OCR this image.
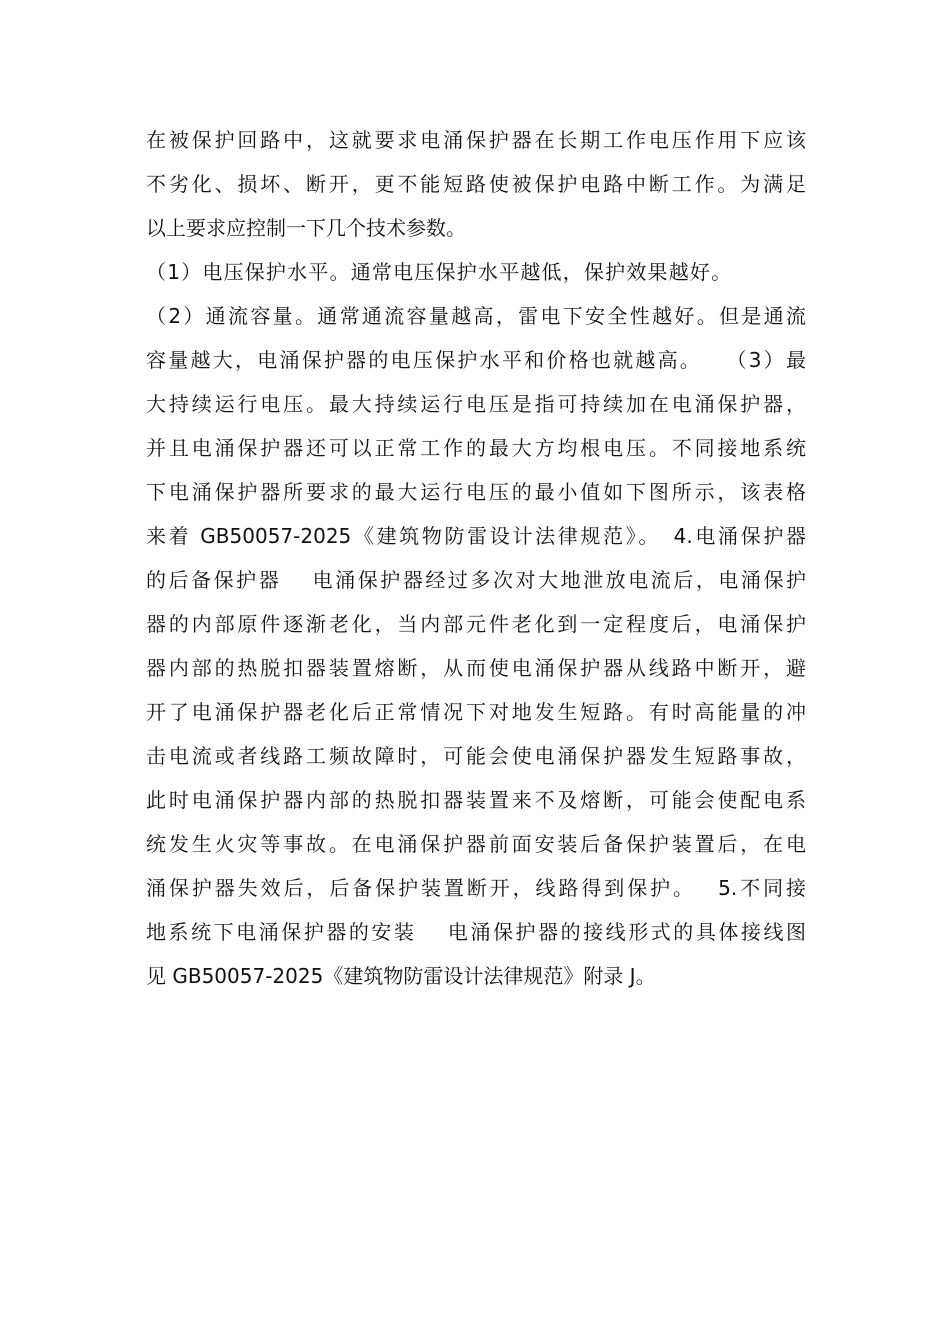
在被保护回路中，这就要求电涌保护器在长期工作电压作用下应该
不劣化、损坏、断开，更不能短路使被保护电路中断工作。为满足
以上要求应控制一下几个技术参数。
（1）电压保护水平。通常电压保护水平越低，保护效果越好。
（2）通流容量。通常通流容量越高，雷电下安全性越好。但是通流
容量越大，电涌保护器的电压保护水平和价格也就越高。　　（3）最
大持续运行电压。最大持续运行电压是指可持续加在电涌保护器，
并且电涌保护器还可以正常工作的最大方均根电压。不同接地系统
下电涌保护器所要求的最大运行电压的最小值如下图所示，该表格
来着 GB50057-2025《建筑物防雷设计法律规范》。　4.电涌保护器
的后备保护器　 电涌保护器经过多次对大地泄放电流后，电涌保护
器的内部原件逐渐老化，当内部元件老化到一定程度后，电涌保护
器内部的热脱扣器装置熔断，从而使电涌保护器从线路中断开，避
开了电涌保护器老化后正常情况下对地发生短路。有时高能量的冲
击电流或者线路工频故障时，可能会使电涌保护器发生短路事故，
此时电涌保护器内部的热脱扣器装置来不及熔断，可能会使配电系
统发生火灾等事故。在电涌保护器前面安装后备保护装置后，在电
涌保护器失效后，后备保护装置断开，线路得到保护。　 5.不同接
地系统下电涌保护器的安装　 电涌保护器的接线形式的具体接线图
见 GB50057-2025《建筑物防雷设计法律规范》附录 J。
